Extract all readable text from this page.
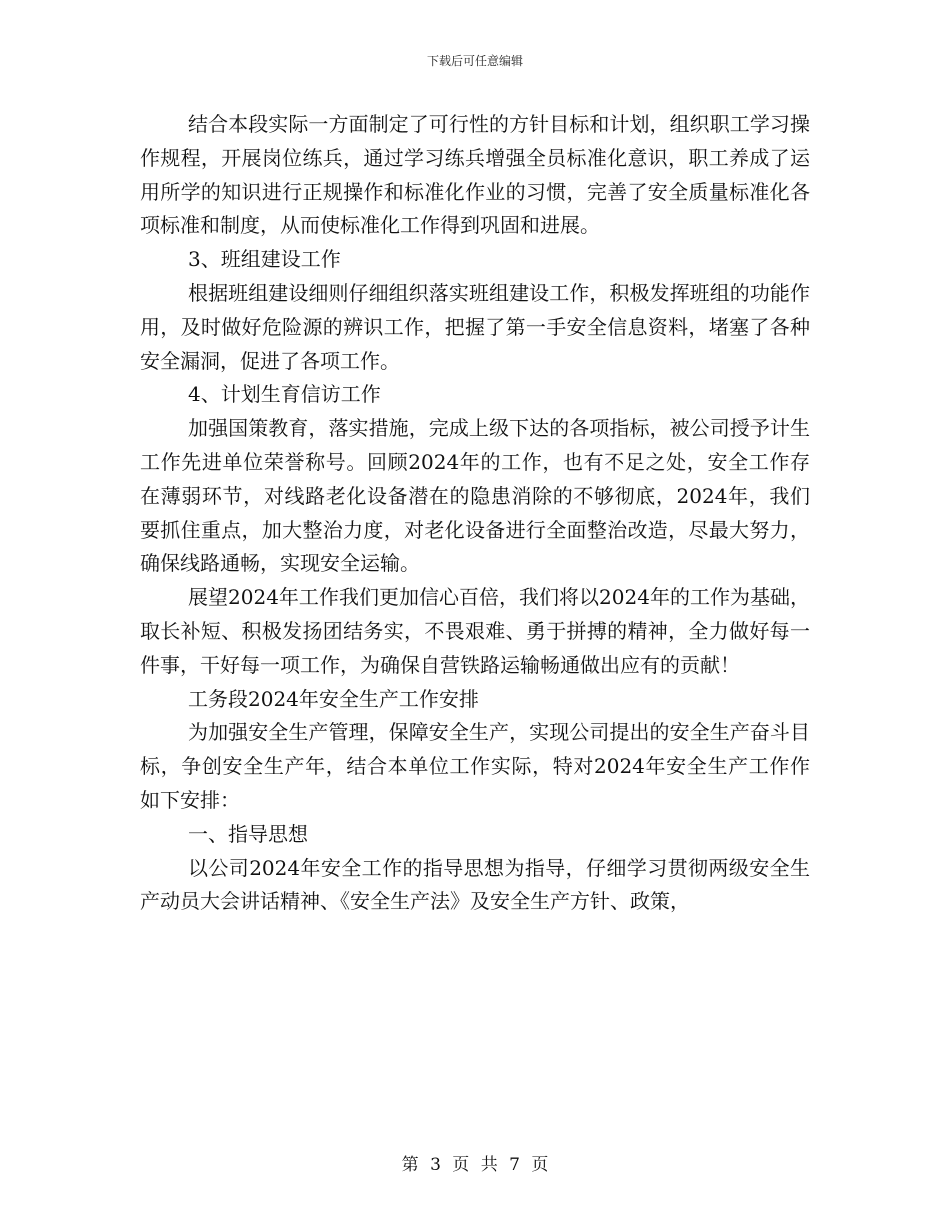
下载后可任意编辑

结合本段实际一方面制定了可行性的方针目标和计划，组织职工学习操作规程，开展岗位练兵，通过学习练兵增强全员标准化意识，职工养成了运用所学的知识进行正规操作和标准化作业的习惯，完善了安全质量标准化各项标准和制度，从而使标准化工作得到巩固和进展。

3、班组建设工作

根据班组建设细则仔细组织落实班组建设工作，积极发挥班组的功能作用，及时做好危险源的辨识工作，把握了第一手安全信息资料，堵塞了各种安全漏洞，促进了各项工作。

4、计划生育信访工作

加强国策教育，落实措施，完成上级下达的各项指标，被公司授予计生工作先进单位荣誉称号。回顾2024年的工作，也有不足之处，安全工作存在薄弱环节，对线路老化设备潜在的隐患消除的不够彻底，2024年，我们要抓住重点，加大整治力度，对老化设备进行全面整治改造，尽最大努力，确保线路通畅，实现安全运输。

展望2024年工作我们更加信心百倍，我们将以2024年的工作为基础，取长补短、积极发扬团结务实，不畏艰难、勇于拼搏的精神，全力做好每一件事，干好每一项工作，为确保自营铁路运输畅通做出应有的贡献！

工务段2024年安全生产工作安排

为加强安全生产管理，保障安全生产，实现公司提出的安全生产奋斗目标，争创安全生产年，结合本单位工作实际，特对2024年安全生产工作作如下安排：

一、指导思想

以公司2024年安全工作的指导思想为指导，仔细学习贯彻两级安全生产动员大会讲话精神、《安全生产法》及安全生产方针、政策，

第 3 页 共 7 页
